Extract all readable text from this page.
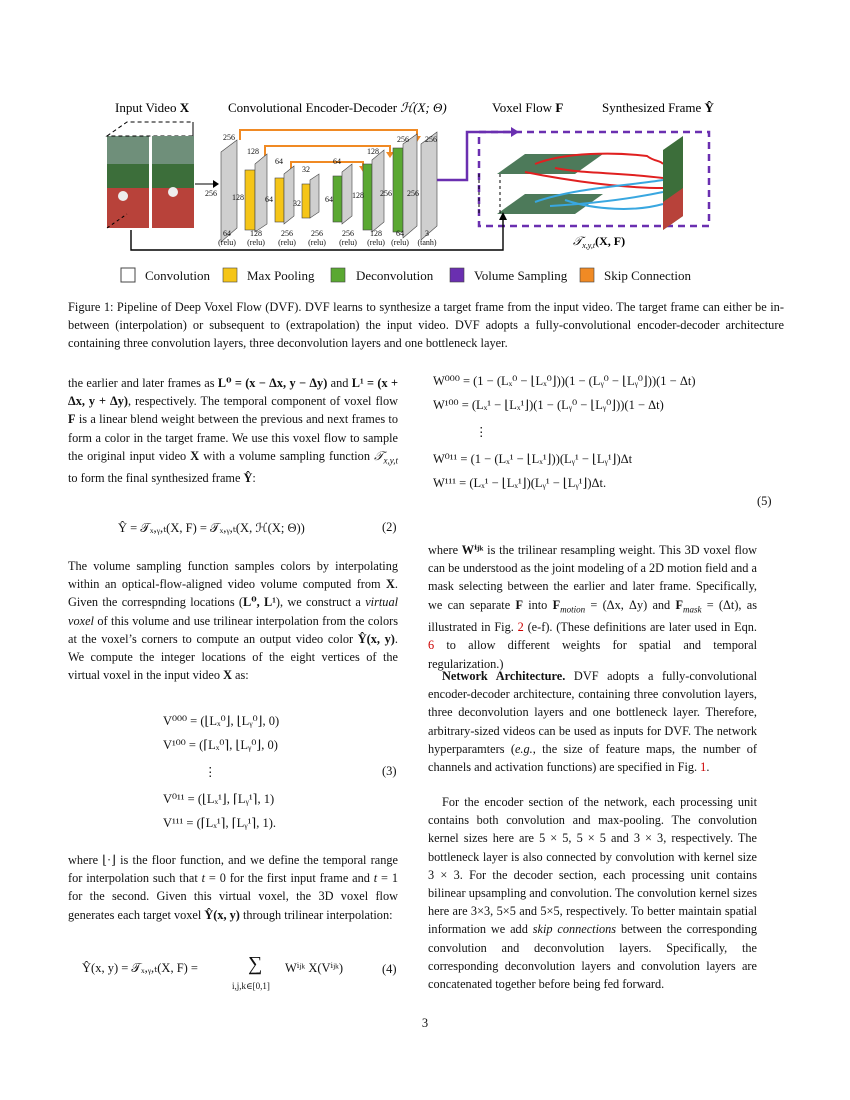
Input Video X	Convolutional Encoder-Decoder ℋ(X; Θ)	Voxel Flow F	Synthesized Frame Ŷ
256
256
128
128
64
64
32
32
64
64
128
128
256
256
256
256
64
(relu)
128
(relu)
256
(relu)
256
(relu)
256
(relu)
128
(relu)
64
(relu)
3
(tanh)	𝒯$_{x,y,t}$(X, F)
Convolution	Max Pooling	Deconvolution	Volume Sampling	Skip Connection
Figure 1: Pipeline of Deep Voxel Flow (DVF). DVF learns to synthesize a target frame from the input video. The target frame can either be in-between (interpolation) or subsequent to (extrapolation) the input video. DVF adopts a fully-convolutional encoder-decoder architecture containing three convolution layers, three deconvolution layers and one bottleneck layer.

the earlier and later frames as L⁰ = (x − Δx, y − Δy) and L¹ = (x + Δx, y + Δy), respectively. The temporal component of voxel flow F is a linear blend weight between the previous and next frames to form a color in the target frame. We use this voxel flow to sample the original input video X with a volume sampling function 𝒯$_{x,y,t}$ to form the final synthesized frame Ŷ:

Ŷ = 𝒯ₓ,ᵧ,ₜ(X, F) = 𝒯ₓ,ᵧ,ₜ(X, ℋ(X; Θ))	(2)

The volume sampling function samples colors by interpolating within an optical-flow-aligned video volume computed from X. Given the correspnding locations (L⁰, L¹), we construct a virtual voxel of this volume and use trilinear interpolation from the colors at the voxel’s corners to compute an output video color Ŷ(x, y). We compute the integer locations of the eight vertices of the virtual voxel in the input video X as:

V⁰⁰⁰ = (⌊Lₓ⁰⌋, ⌊Lᵧ⁰⌋, 0)
V¹⁰⁰ = (⌈Lₓ⁰⌉, ⌊Lᵧ⁰⌋, 0)
⋮
V⁰¹¹ = (⌊Lₓ¹⌋, ⌈Lᵧ¹⌉, 1)
V¹¹¹ = (⌈Lₓ¹⌉, ⌈Lᵧ¹⌉, 1).
(3)

where ⌊·⌋ is the floor function, and we define the temporal range for interpolation such that t = 0 for the first input frame and t = 1 for the second. Given this virtual voxel, the 3D voxel flow generates each target voxel Ŷ(x, y) through trilinear interpolation:

Ŷ(x, y) = 𝒯ₓ,ᵧ,ₜ(X, F) =	∑
i,j,k∈[0,1]
Wⁱʲᵏ X(Vⁱʲᵏ)	(4)
W⁰⁰⁰ = (1 − (Lₓ⁰ − ⌊Lₓ⁰⌋))(1 − (Lᵧ⁰ − ⌊Lᵧ⁰⌋))(1 − Δt)
W¹⁰⁰ = (Lₓ¹ − ⌊Lₓ¹⌋)(1 − (Lᵧ⁰ − ⌊Lᵧ⁰⌋))(1 − Δt)
⋮
W⁰¹¹ = (1 − (Lₓ¹ − ⌊Lₓ¹⌋))(Lᵧ¹ − ⌊Lᵧ¹⌋)Δt
W¹¹¹ = (Lₓ¹ − ⌊Lₓ¹⌋)(Lᵧ¹ − ⌊Lᵧ¹⌋)Δt.
(5)

where Wⁱʲᵏ is the trilinear resampling weight. This 3D voxel flow can be understood as the joint modeling of a 2D motion field and a mask selecting between the earlier and later frame. Specifically, we can separate F into $F_{motion} = (\Delta x$, Δy) and $F_{mask} = (\Delta t)$, as illustrated in Fig. 2 (e-f). (These definitions are later used in Eqn. 6 to allow different weights for spatial and temporal regularization.)

Network Architecture. DVF adopts a fully-convolutional encoder-decoder architecture, containing three convolution layers, three deconvolution layers and one bottleneck layer. Therefore, arbitrary-sized videos can be used as inputs for DVF. The network hyperparamters (e.g., the size of feature maps, the number of channels and activation functions) are specified in Fig. 1.

For the encoder section of the network, each processing unit contains both convolution and max-pooling. The convolution kernel sizes here are 5 × 5, 5 × 5 and 3 × 3, respectively. The bottleneck layer is also connected by convolution with kernel size 3 × 3. For the decoder section, each processing unit contains bilinear upsampling and convolution. The convolution kernel sizes here are 3×3, 5×5 and 5×5, respectively. To better maintain spatial information we add skip connections between the corresponding convolution and deconvolution layers. Specifically, the corresponding deconvolution layers and convolution layers are concatenated together before being fed forward.

3
